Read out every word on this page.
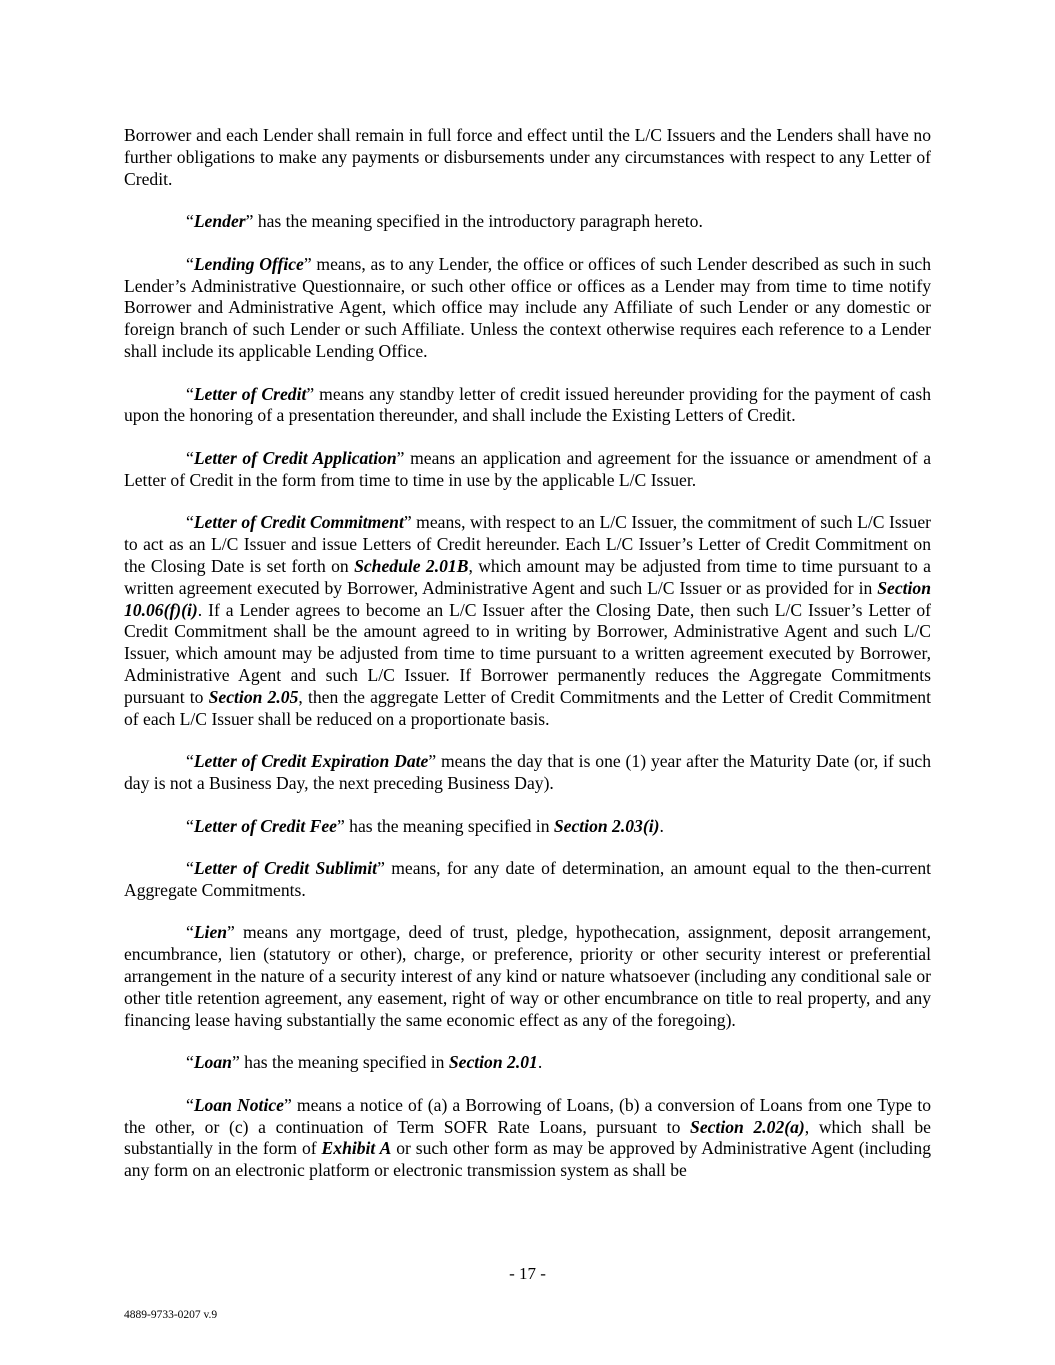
Borrower and each Lender shall remain in full force and effect until the L/C Issuers and the Lenders shall have no further obligations to make any payments or disbursements under any circumstances with respect to any Letter of Credit.

“Lender” has the meaning specified in the introductory paragraph hereto.

“Lending Office” means, as to any Lender, the office or offices of such Lender described as such in such Lender’s Administrative Questionnaire, or such other office or offices as a Lender may from time to time notify Borrower and Administrative Agent, which office may include any Affiliate of such Lender or any domestic or foreign branch of such Lender or such Affiliate. Unless the context otherwise requires each reference to a Lender shall include its applicable Lending Office.

“Letter of Credit” means any standby letter of credit issued hereunder providing for the payment of cash upon the honoring of a presentation thereunder, and shall include the Existing Letters of Credit.

“Letter of Credit Application” means an application and agreement for the issuance or amendment of a Letter of Credit in the form from time to time in use by the applicable L/C Issuer.

“Letter of Credit Commitment” means, with respect to an L/C Issuer, the commitment of such L/C Issuer to act as an L/C Issuer and issue Letters of Credit hereunder. Each L/C Issuer’s Letter of Credit Commitment on the Closing Date is set forth on Schedule 2.01B, which amount may be adjusted from time to time pursuant to a written agreement executed by Borrower, Administrative Agent and such L/C Issuer or as provided for in Section 10.06(f)(i). If a Lender agrees to become an L/C Issuer after the Closing Date, then such L/C Issuer’s Letter of Credit Commitment shall be the amount agreed to in writing by Borrower, Administrative Agent and such L/C Issuer, which amount may be adjusted from time to time pursuant to a written agreement executed by Borrower, Administrative Agent and such L/C Issuer. If Borrower permanently reduces the Aggregate Commitments pursuant to Section 2.05, then the aggregate Letter of Credit Commitments and the Letter of Credit Commitment of each L/C Issuer shall be reduced on a proportionate basis.

“Letter of Credit Expiration Date” means the day that is one (1) year after the Maturity Date (or, if such day is not a Business Day, the next preceding Business Day).

“Letter of Credit Fee” has the meaning specified in Section 2.03(i).

“Letter of Credit Sublimit” means, for any date of determination, an amount equal to the then-current Aggregate Commitments.

“Lien” means any mortgage, deed of trust, pledge, hypothecation, assignment, deposit arrangement, encumbrance, lien (statutory or other), charge, or preference, priority or other security interest or preferential arrangement in the nature of a security interest of any kind or nature whatsoever (including any conditional sale or other title retention agreement, any easement, right of way or other encumbrance on title to real property, and any financing lease having substantially the same economic effect as any of the foregoing).

“Loan” has the meaning specified in Section 2.01.

“Loan Notice” means a notice of (a) a Borrowing of Loans, (b) a conversion of Loans from one Type to the other, or (c) a continuation of Term SOFR Rate Loans, pursuant to Section 2.02(a), which shall be substantially in the form of Exhibit A or such other form as may be approved by Administrative Agent (including any form on an electronic platform or electronic transmission system as shall be

- 17 -
4889-9733-0207 v.9
